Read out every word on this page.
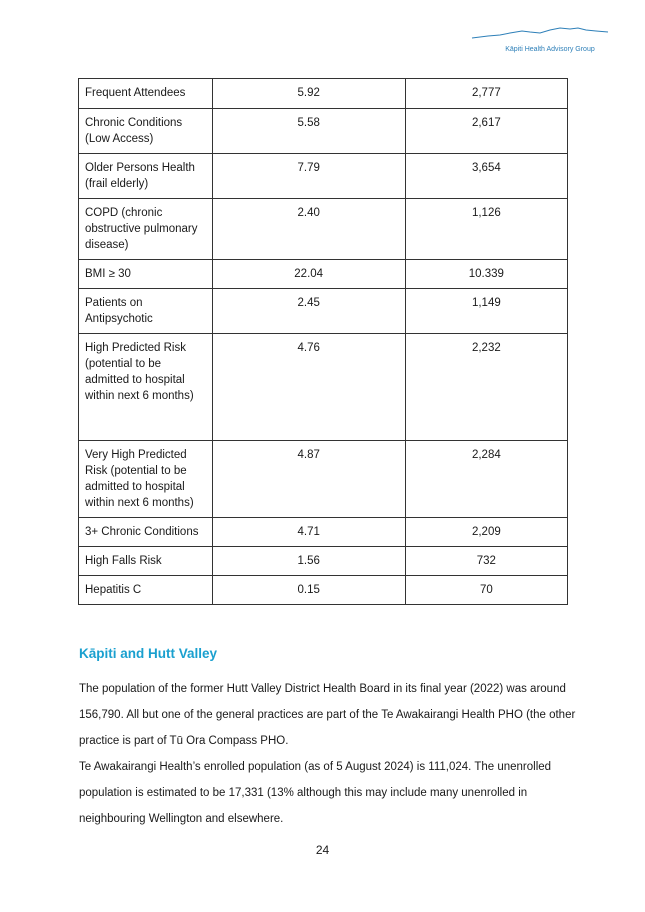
Kāpiti Health Advisory Group
Frequent Attendees	5.92	2,777
Chronic Conditions (Low Access)	5.58	2,617
Older Persons Health (frail elderly)	7.79	3,654
COPD (chronic obstructive pulmonary disease)	2.40	1,126
BMI ≥ 30	22.04	10.339
Patients on Antipsychotic	2.45	1,149
High Predicted Risk (potential to be admitted to hospital within next 6 months)	4.76	2,232
Very High Predicted Risk (potential to be admitted to hospital within next 6 months)	4.87	2,284
3+ Chronic Conditions	4.71	2,209
High Falls Risk	1.56	732
Hepatitis C	0.15	70
Kāpiti and Hutt Valley

The population of the former Hutt Valley District Health Board in its final year (2022) was around 156,790. All but one of the general practices are part of the Te Awakairangi Health PHO (the other practice is part of Tū Ora Compass PHO.

Te Awakairangi Health’s enrolled population (as of 5 August 2024) is 111,024. The unenrolled population is estimated to be 17,331 (13% although this may include many unenrolled in neighbouring Wellington and elsewhere.

24
